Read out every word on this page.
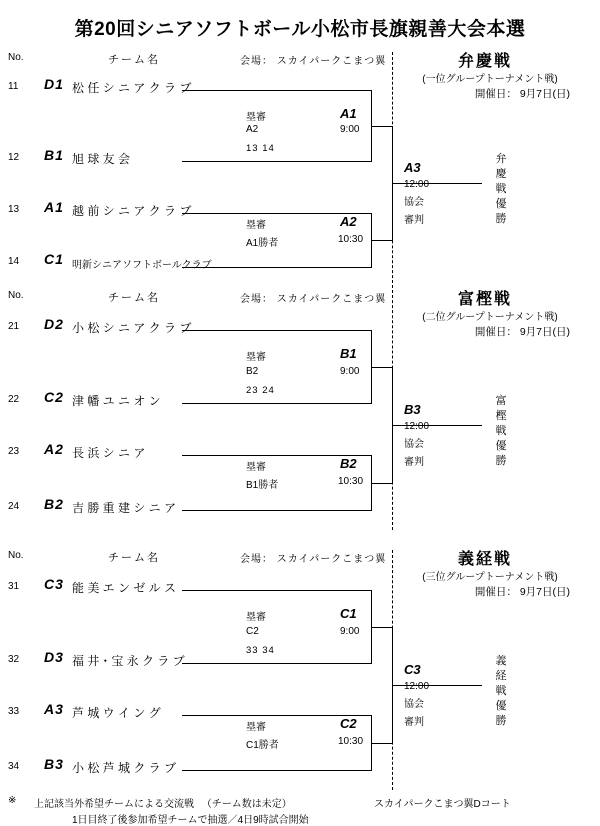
第20回シニアソフトボール小松市長旗親善大会本選
No.	チーム名	会場： スカイパークこまつ翼	弁慶戦
(一位グループトーナメント戦)
開催日： 9月7日(日)
11 D1 松 任 シ ニ ア ク ラ ブ
12 B1 旭 球 友 会
13 A1 越 前 シ ニ ア ク ラ ブ
14 C1 明新シニアソフトボールクラブ
塁審	A1
A2	9:00
13 14
塁審	A2
A1勝者	10:30
A3
12:00
協会
審判
弁慶戦優勝
No.	チーム名	会場： スカイパークこまつ翼	富樫戦
(二位グループトーナメント戦)
開催日： 9月7日(日)
21 D2 小 松 シ ニ ア ク ラ ブ
22 C2 津 幡 ユ ニ オ ン
23 A2 長 浜 シ ニ ア
24 B2 吉 勝 重 建 シ ニ ア
塁審	B1
B2	9:00
23 24
塁審	B2
B1勝者	10:30
B3
12:00
協会
審判
富樫戦優勝
No.	チーム名	会場： スカイパークこまつ翼	義経戦
(三位グループトーナメント戦)
開催日： 9月7日(日)
31 C3 能 美 エ ン ゼ ル ス
32 D3 福 井・宝 永 ク ラ ブ
33 A3 芦 城 ウ イ ン グ
34 B3 小 松 芦 城 ク ラ ブ
塁審	C1
C2	9:00
33 34
塁審	C2
C1勝者	10:30
C3
12:00
協会
審判
義経戦優勝
※ 上記該当外希望チームによる交流戦 　（チーム数は未定）
1日目終了後参加希望チームで抽選／4日9時試合開始
スカイパークこまつ翼Dコート
